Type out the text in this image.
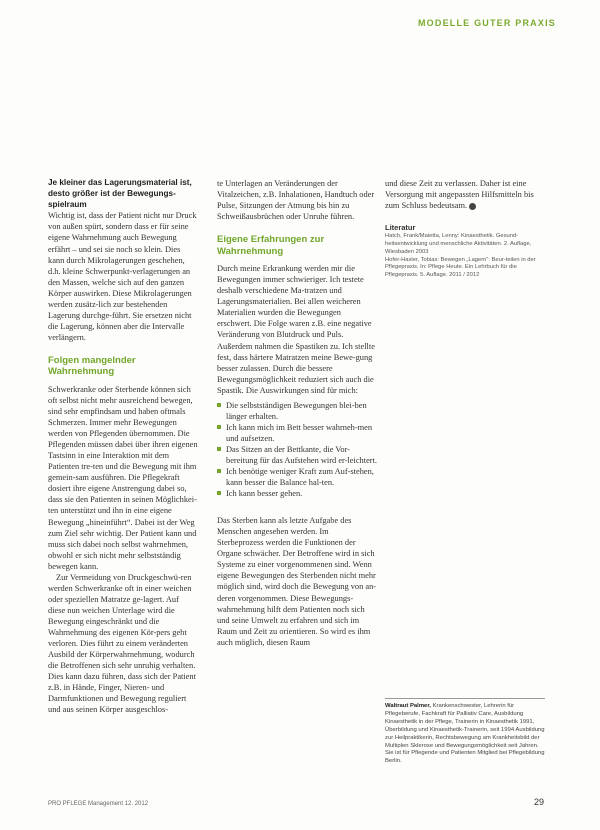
MODELLE GUTER PRAXIS

Je kleiner das Lagerungsmaterial ist, desto größer ist der Bewegungs-spielraum

Wichtig ist, dass der Patient nicht nur Druck von außen spürt, sondern dass er für seine eigene Wahrnehmung auch Bewegung erfährt – und sei sie noch so klein. Dies kann durch Mikrolagerungen geschehen, d.h. kleine Schwerpunkt-verlagerungen an den Massen, welche sich auf den ganzen Körper auswirken. Diese Mikrolagerungen werden zusätz-lich zur bestehenden Lagerung durchge-führt. Sie ersetzen nicht die Lagerung, können aber die Intervalle verlängern.

Folgen mangelnder Wahrnehmung

Schwerkranke oder Sterbende können sich oft selbst nicht mehr ausreichend bewegen, sind sehr empfindsam und haben oftmals Schmerzen. Immer mehr Bewegungen werden von Pflegenden übernommen. Die Pflegenden müssen dabei über ihren eigenen Tastsinn in eine Interaktion mit dem Patienten tre-ten und die Bewegung mit ihm gemein-sam ausführen. Die Pflegekraft dosiert ihre eigene Anstrengung dabei so, dass sie den Patienten in seinen Möglichkei-ten unterstützt und ihn in eine eigene Bewegung „hineinführt“. Dabei ist der Weg zum Ziel sehr wichtig. Der Patient kann und muss sich dabei noch selbst wahrnehmen, obwohl er sich nicht mehr selbstständig bewegen kann.

Zur Vermeidung von Druckgeschwü-ren werden Schwerkranke oft in einer weichen oder speziellen Matratze ge-lagert. Auf diese nun weichen Unterlage wird die Bewegung eingeschränkt und die Wahrnehmung des eigenen Kör-pers geht verloren. Dies führt zu einem veränderten Ausbild der Körperwahrnehmung, wodurch die Betroffenen sich sehr unruhig verhalten. Dies kann dazu führen, dass sich der Patient z.B. in Hände, Finger, Nieren- und Darmfunktionen und Bewegung reguliert und aus seinen Körper ausgeschlos-

te Unterlagen an Veränderungen der Vitalzeichen, z.B. Inhalationen, Handtuch oder Pulse, Sitzungen der Atmung bis hin zu Schweißausbrüchen oder Unruhe führen.

Eigene Erfahrungen zur Wahrnehmung

Durch meine Erkrankung werden mir die Bewegungen immer schwieriger. Ich testete deshalb verschiedene Ma-tratzen und Lagerungsmaterialien. Bei allen weicheren Materialien wurden die Bewegungen erschwert. Die Folge waren z.B. eine negative Veränderung von Blutdruck und Puls. Außerdem nahmen die Spastiken zu. Ich stellte fest, dass härtere Matratzen meine Bewe-gung besser zulassen. Durch die bessere Bewegungsmöglichkeit reduziert sich auch die Spastik. Die Auswirkungen sind für mich:

Die selbstständigen Bewegungen blei-ben länger erhalten.
Ich kann mich im Bett besser wahrneh-men und aufsetzen.
Das Sitzen an der Bettkante, die Vor-bereitung für das Aufstehen wird er-leichtert.
Ich benötige weniger Kraft zum Auf-stehen, kann besser die Balance hal-ten.
Ich kann besser gehen.

Das Sterben kann als letzte Aufgabe des Menschen angesehen werden. Im Sterbeprozess werden die Funktionen der Organe schwächer. Der Betroffene wird in sich Systeme zu einer vorgenommenen sind. Wenn eigene Bewegungen des Sterbenden nicht mehr möglich sind, wird doch die Bewegung von an-deren vorgenommen. Diese Bewegungs-wahrnehmung hilft dem Patienten noch sich und seine Umwelt zu erfahren und sich im Raum und Zeit zu orientieren. So wird es ihm auch möglich, diesen Raum

und diese Zeit zu verlassen. Daher ist eine Versorgung mit angepassten Hilfsmitteln bis zum Schluss bedeutsam.

Literatur

Hatch, Frank/Maietta, Lenny: Kinaesthetik. Gesund-heitsentwicklung und menschliche Aktivitäten. 2. Auflage, Wiesbaden 2003

Hofer-Hasler, Tobias: Bewegen „Lagern“: Beur-teilen in der Pflegepraxis. In: Pflege Heute. Ein Lehrbuch für die Pflegepraxis. 5. Auflage. 2011 / 2012

Waltraut Palmer, Krankenschwester, Lehrerin für Pflegeberufe, Fachkraft für Palliativ Care, Ausbildung Kinaesthetik in der Pflege, Trainerin in Kinaesthetik 1991, Überbildung und Kinaesthetik-Trainerin, seit 1994 Ausbildung zur Heilpraktikerin, Rechtsbewegung am Krankheitsbild der Multiplen Sklerose und Bewegungsmöglichkeit seit Jahren. Sie ist für Pflegende und Patienten Mitglied bei Pflegebildung Berlin.
PRO PFLEGE Management 12. 2012	29
